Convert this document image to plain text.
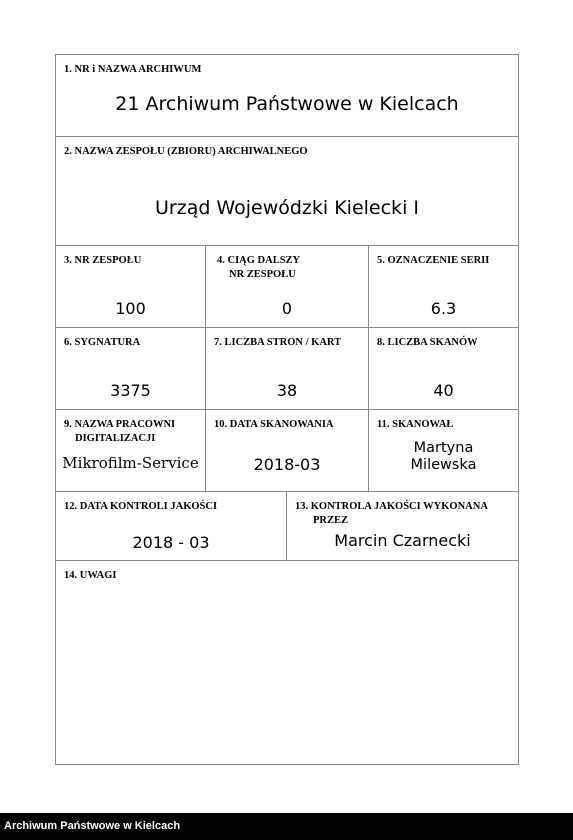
1. NR i NAZWA ARCHIWUM
21 Archiwum Państwowe w Kielcach
2. NAZWA ZESPOŁU (ZBIORU) ARCHIWALNEGO
Urząd Wojewódzki Kielecki I
3. NR ZESPOŁU
100
4. CIĄG DALSZY
NR ZESPOŁU
0
5. OZNACZENIE SERII
6.3
6. SYGNATURA
3375
7. LICZBA STRON / KART
38
8. LICZBA SKANÓW
40
9. NAZWA PRACOWNI
DIGITALIZACJI
Mikrofilm-Service
10. DATA SKANOWANIA
2018-03
11. SKANOWAŁ
Martyna
Milewska
12. DATA KONTROLI JAKOŚCI
2018 - 03
13. KONTROLA JAKOŚCI WYKONANA
PRZEZ
Marcin Czarnecki
14. UWAGI
Archiwum Państwowe w Kielcach
